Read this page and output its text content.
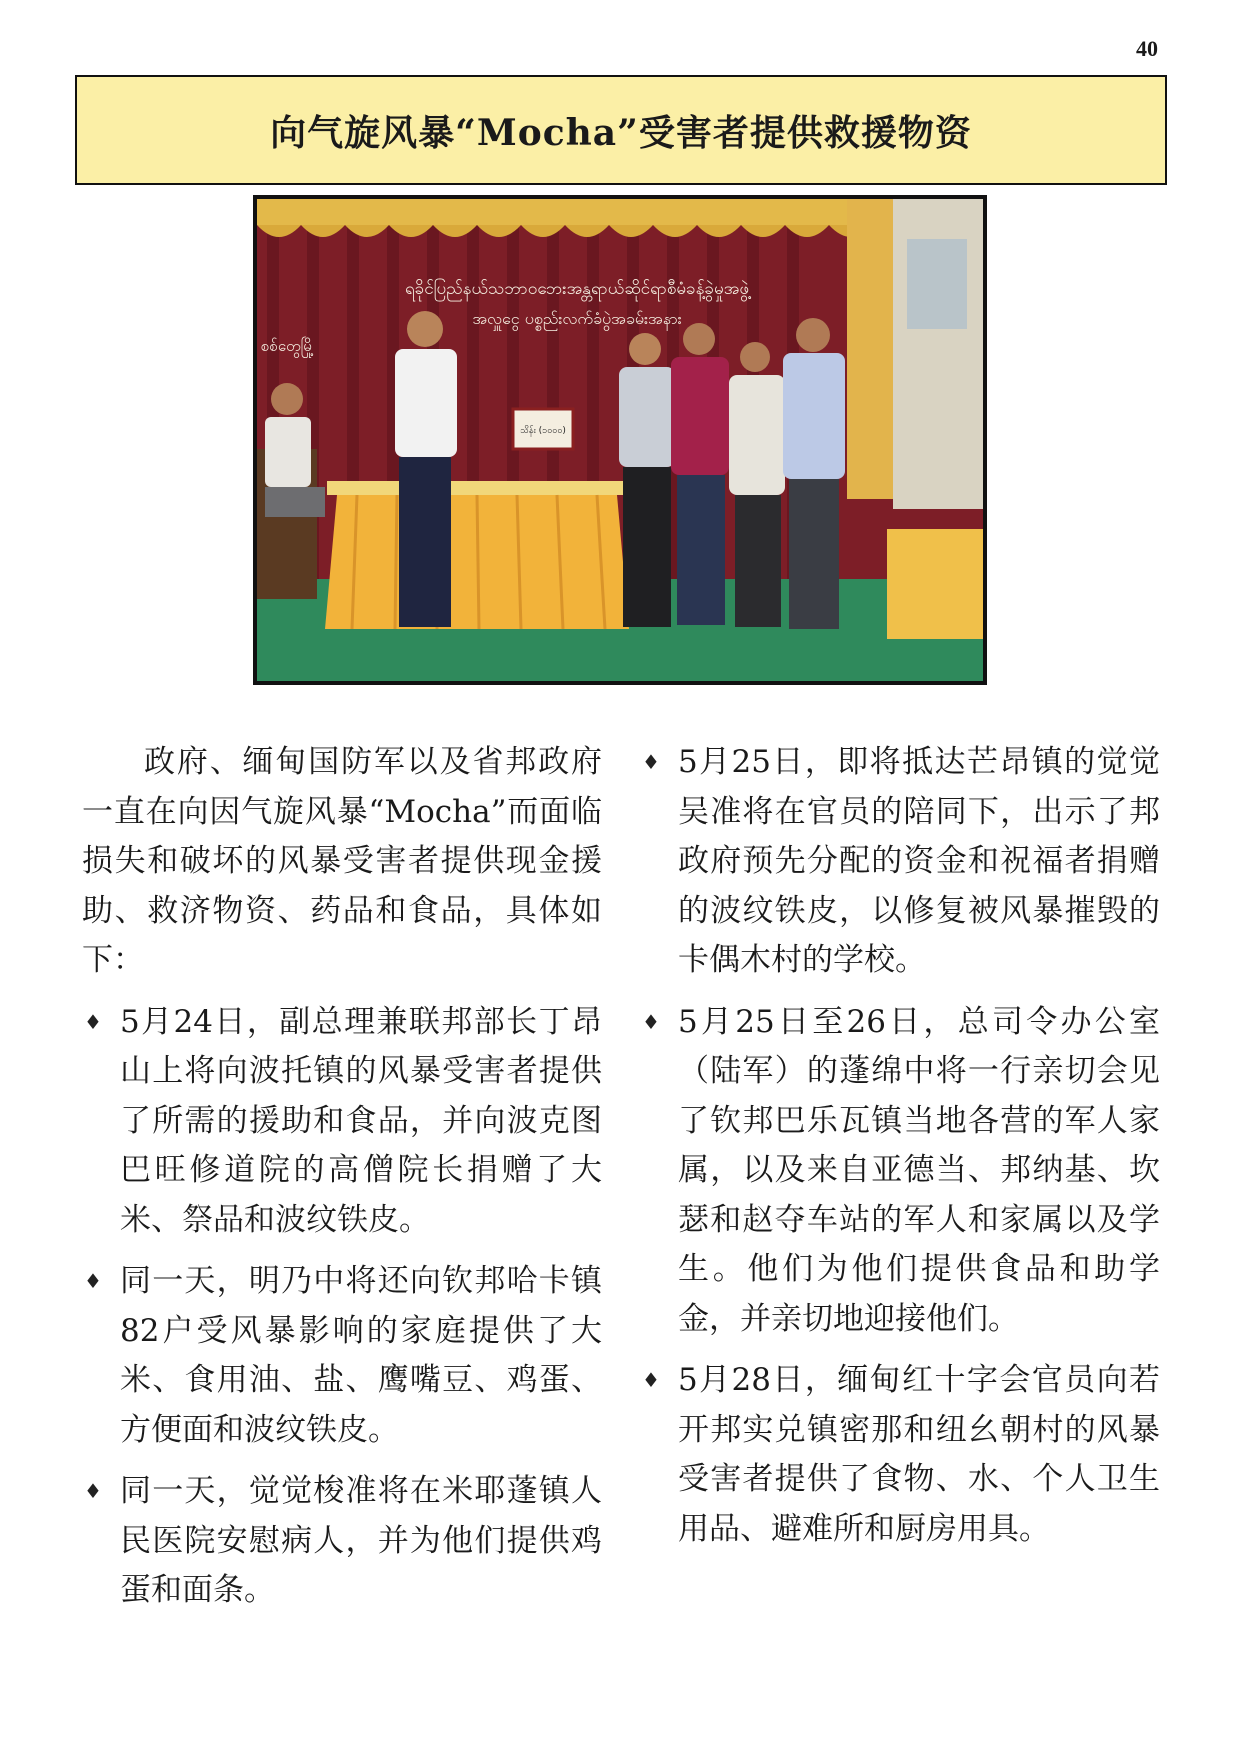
40
向气旋风暴“Mocha”受害者提供救援物资
ရခိုင်ပြည်နယ်သဘာဝဘေးအန္တရာယ်ဆိုင်ရာစီမံခန့်ခွဲမှုအဖွဲ့
အလှူငွေ ပစ္စည်းလက်ခံပွဲအခမ်းအနား
စစ်တွေမြို့
သိန်း (၁၀၀၀)

政府、缅甸国防军以及省邦政府一直在向因气旋风暴“Mocha”而面临损失和破坏的风暴受害者提供现金援助、救济物资、药品和食品，具体如下：

♦ 5月24日，副总理兼联邦部长丁昂山上将向波托镇的风暴受害者提供了所需的援助和食品，并向波克图巴旺修道院的高僧院长捐赠了大米、祭品和波纹铁皮。
♦ 同一天，明乃中将还向钦邦哈卡镇82户受风暴影响的家庭提供了大米、食用油、盐、鹰嘴豆、鸡蛋、方便面和波纹铁皮。
♦ 同一天，觉觉梭准将在米耶蓬镇人民医院安慰病人，并为他们提供鸡蛋和面条。
♦ 5月25日，即将抵达芒昂镇的觉觉吴准将在官员的陪同下，出示了邦政府预先分配的资金和祝福者捐赠的波纹铁皮，以修复被风暴摧毁的卡偶木村的学校。
♦ 5月25日至26日，总司令办公室（陆军）的蓬绵中将一行亲切会见了钦邦巴乐瓦镇当地各营的军人家属，以及来自亚德当、邦纳基、坎瑟和赵夺车站的军人和家属以及学生。他们为他们提供食品和助学金，并亲切地迎接他们。
♦ 5月28日，缅甸红十字会官员向若开邦实兑镇密那和纽幺朝村的风暴受害者提供了食物、水、个人卫生用品、避难所和厨房用具。
